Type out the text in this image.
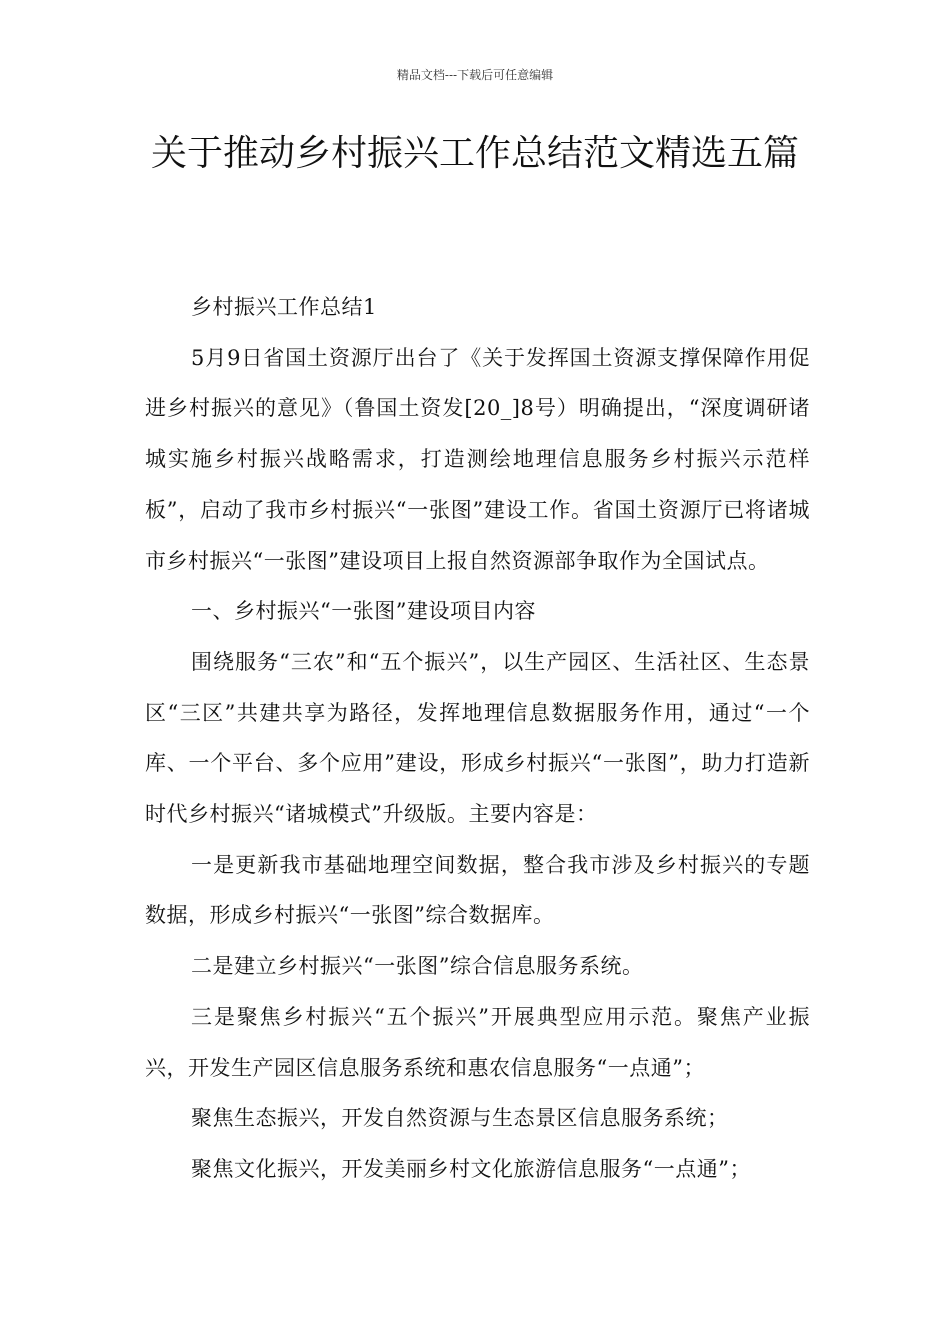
精品文档---下载后可任意编辑
关于推动乡村振兴工作总结范文精选五篇

乡村振兴工作总结1

5月9日省国土资源厅出台了《关于发挥国土资源支撑保障作用促进乡村振兴的意见》（鲁国土资发[20_]8号）明确提出，“深度调研诸城实施乡村振兴战略需求，打造测绘地理信息服务乡村振兴示范样板”，启动了我市乡村振兴“一张图”建设工作。省国土资源厅已将诸城市乡村振兴“一张图”建设项目上报自然资源部争取作为全国试点。

一、乡村振兴“一张图”建设项目内容

围绕服务“三农”和“五个振兴”，以生产园区、生活社区、生态景区“三区”共建共享为路径，发挥地理信息数据服务作用，通过“一个库、一个平台、多个应用”建设，形成乡村振兴“一张图”，助力打造新时代乡村振兴“诸城模式”升级版。主要内容是：

一是更新我市基础地理空间数据，整合我市涉及乡村振兴的专题数据，形成乡村振兴“一张图”综合数据库。

二是建立乡村振兴“一张图”综合信息服务系统。

三是聚焦乡村振兴“五个振兴”开展典型应用示范。聚焦产业振兴，开发生产园区信息服务系统和惠农信息服务“一点通”；

聚焦生态振兴，开发自然资源与生态景区信息服务系统；

聚焦文化振兴，开发美丽乡村文化旅游信息服务“一点通”；
